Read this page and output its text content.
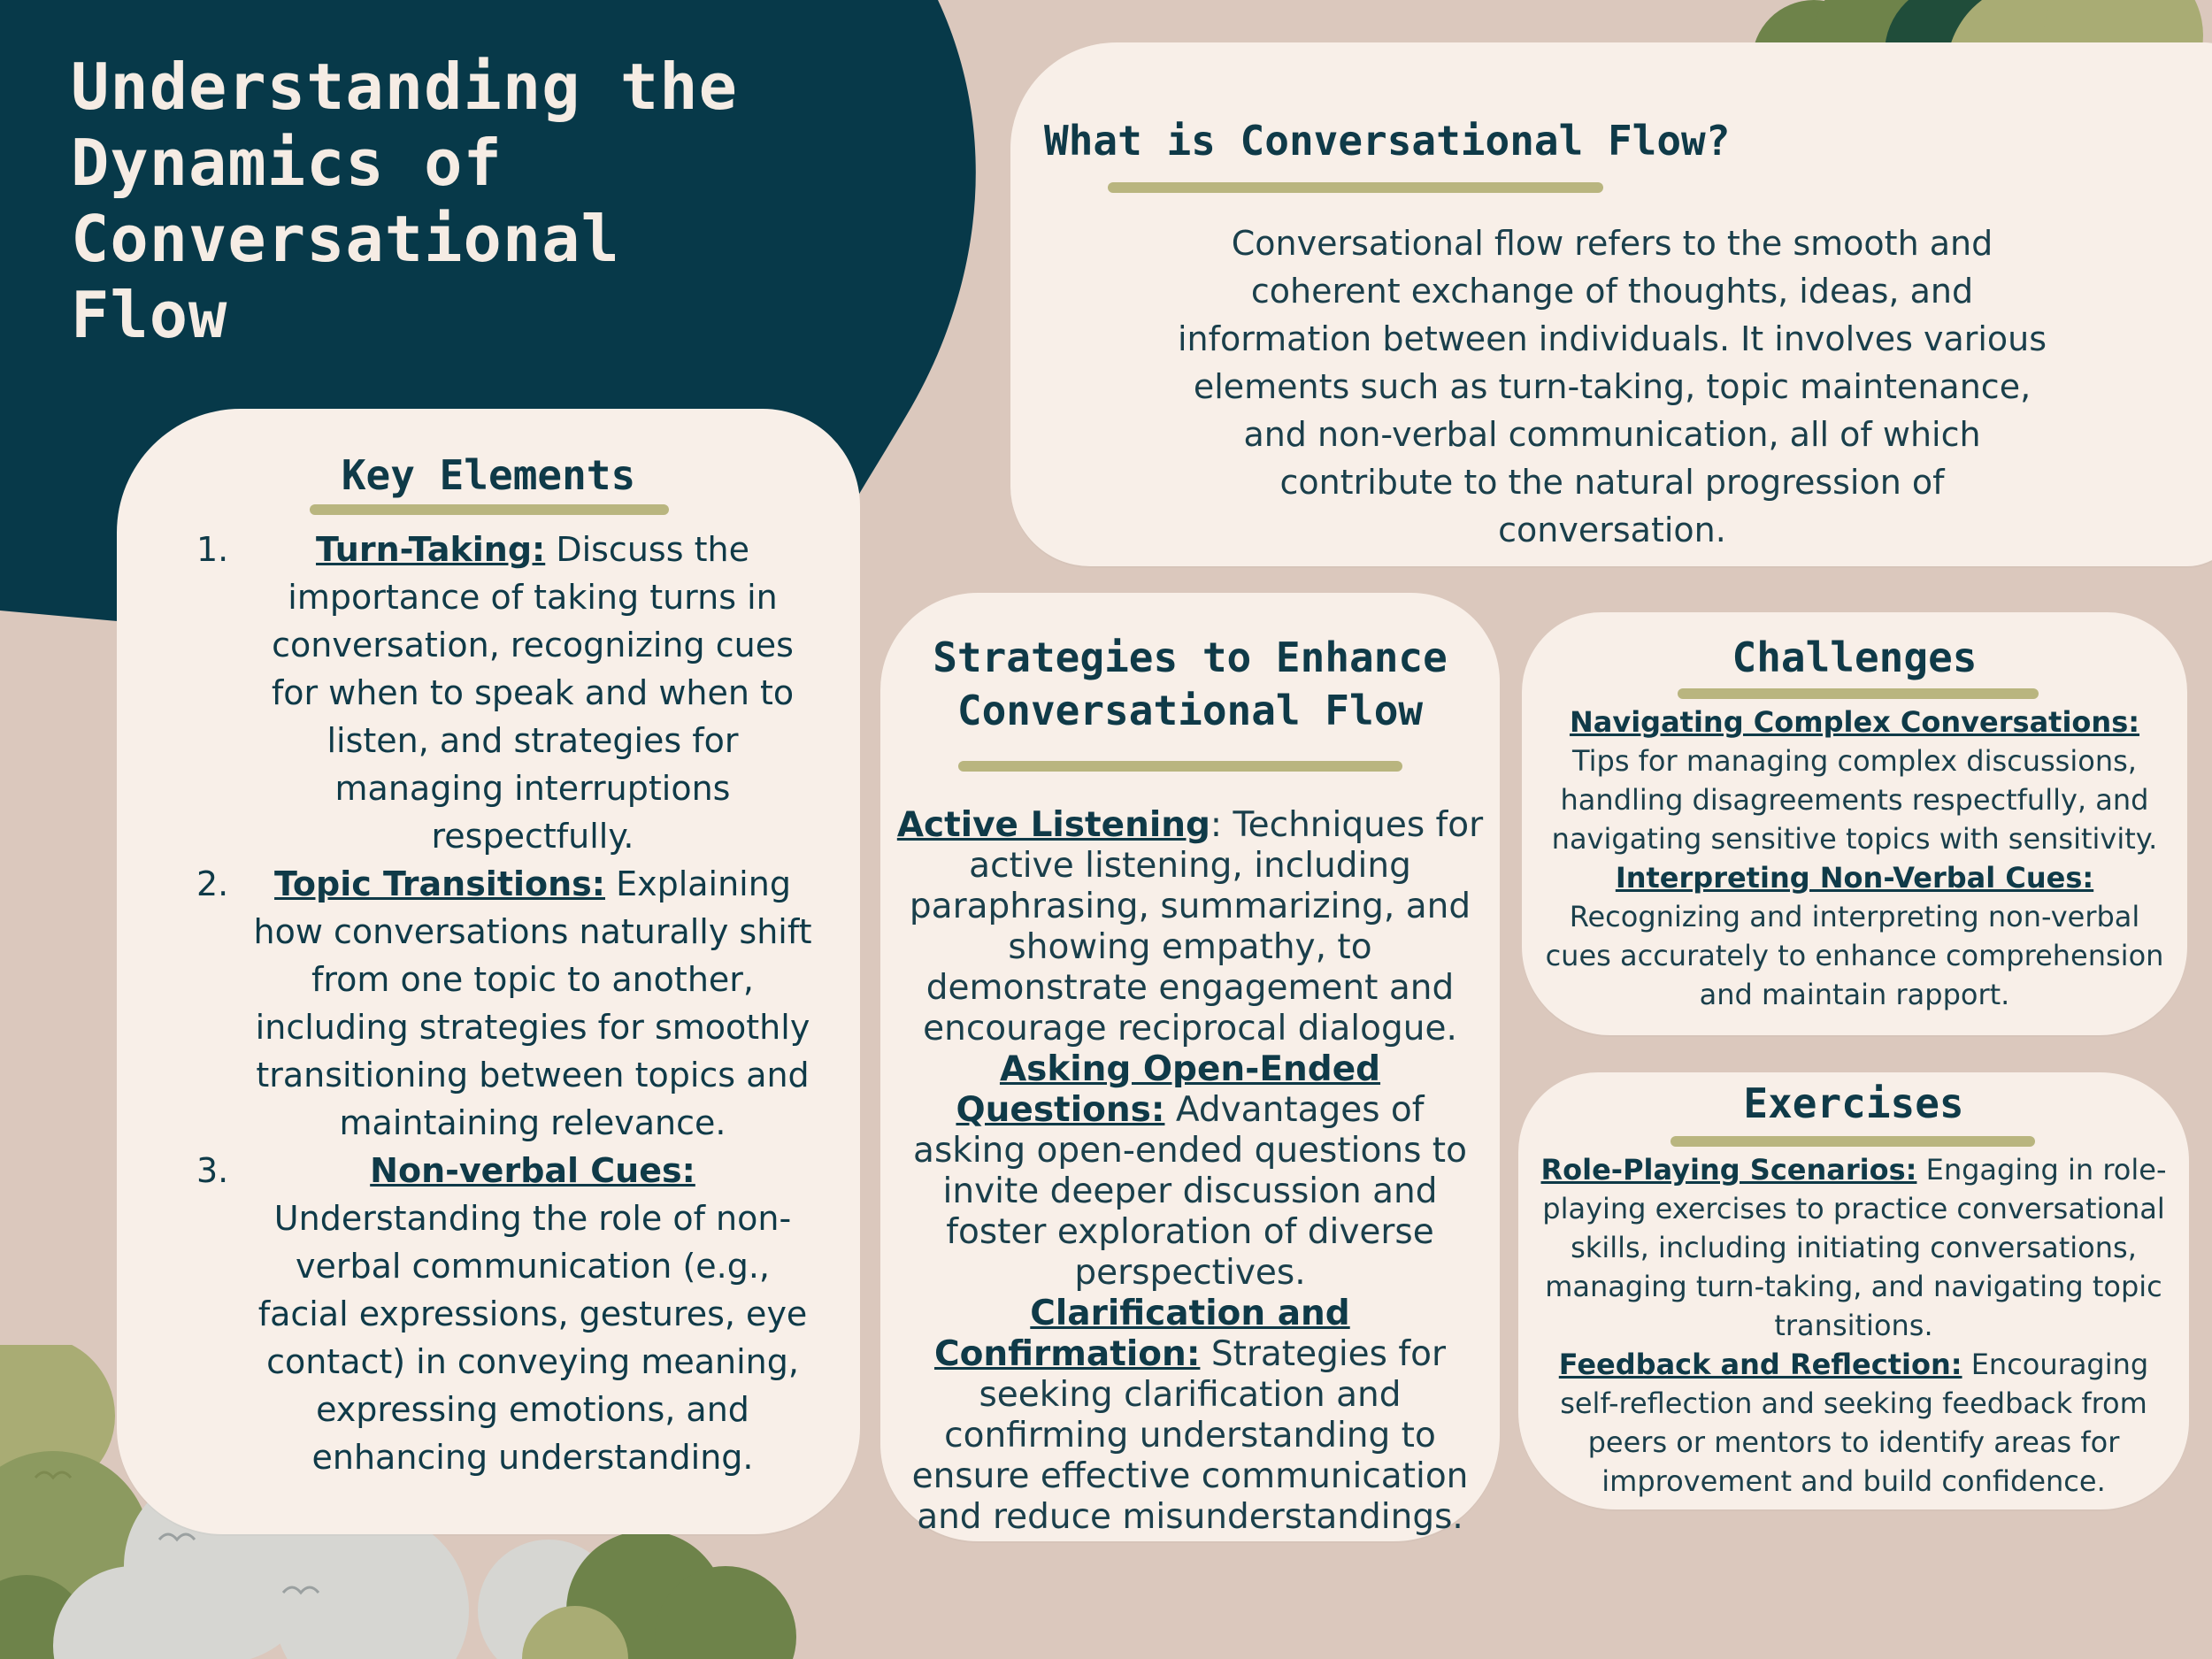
Understanding the Dynamics of Conversational Flow
What is Conversational Flow?

Conversational flow refers to the smooth and coherent exchange of thoughts, ideas, and information between individuals. It involves various elements such as turn-taking, topic maintenance, and non-verbal communication, all of which contribute to the natural progression of conversation.

Key Elements
1.	Turn-Taking: Discuss the importance of taking turns in conversation, recognizing cues for when to speak and when to listen, and strategies for managing interruptions respectfully.
2. Topic Transitions: Explaining how conversations naturally shift from one topic to another, including strategies for smoothly transitioning between topics and maintaining relevance.
3.	Non-verbal Cues: Understanding the role of non-verbal communication (e.g., facial expressions, gestures, eye contact) in conveying meaning, expressing emotions, and enhancing understanding.
Strategies to Enhance
Conversational Flow
Active Listening: Techniques for active listening, including paraphrasing, summarizing, and showing empathy, to demonstrate engagement and encourage reciprocal dialogue.
Asking Open-Ended Questions: Advantages of asking open-ended questions to invite deeper discussion and foster exploration of diverse perspectives.
Clarification and Confirmation: Strategies for seeking clarification and confirming understanding to ensure effective communication and reduce misunderstandings.
Challenges
Navigating Complex Conversations: Tips for managing complex discussions, handling disagreements respectfully, and navigating sensitive topics with sensitivity.
Interpreting Non-Verbal Cues: Recognizing and interpreting non-verbal cues accurately to enhance comprehension and maintain rapport.
Exercises
Role-Playing Scenarios: Engaging in role-playing exercises to practice conversational skills, including initiating conversations, managing turn-taking, and navigating topic transitions.
Feedback and Reflection: Encouraging self-reflection and seeking feedback from peers or mentors to identify areas for improvement and build confidence.
